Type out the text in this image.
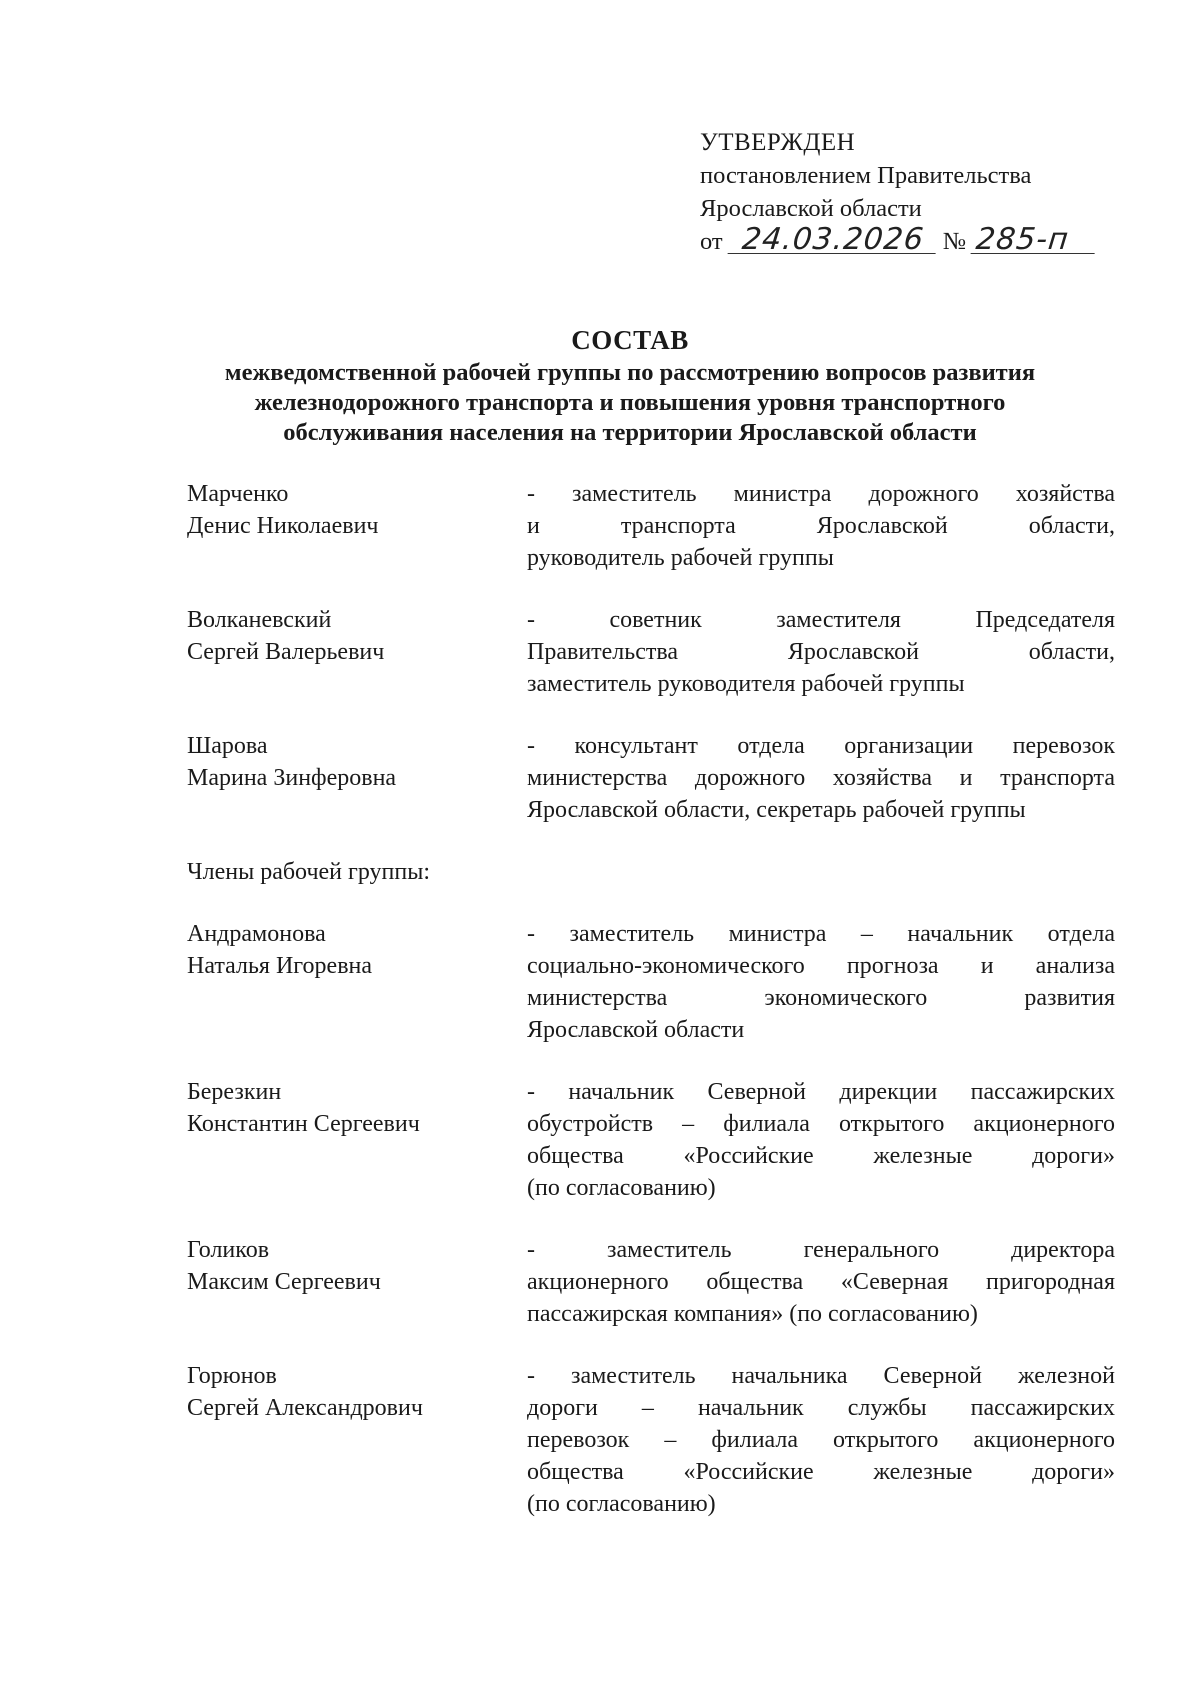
УТВЕРЖДЕН
постановлением Правительства
Ярославской области
от 24.03.2026 № 285-п
СОСТАВ
межведомственной рабочей группы по рассмотрению вопросов развития
железнодорожного транспорта и повышения уровня транспортного
обслуживания населения на территории Ярославской области
Марченко
Денис Николаевич
- заместитель министра дорожного хозяйства
и транспорта Ярославской области,
руководитель рабочей группы
Волканевский
Сергей Валерьевич
- советник заместителя Председателя
Правительства Ярославской области,
заместитель руководителя рабочей группы
Шарова
Марина Зинферовна
- консультант отдела организации перевозок
министерства дорожного хозяйства и транспорта
Ярославской области, секретарь рабочей группы
Члены рабочей группы:
Андрамонова
Наталья Игоревна
- заместитель министра – начальник отдела
социально-экономического прогноза и анализа
министерства экономического развития
Ярославской области
Березкин
Константин Сергеевич
- начальник Северной дирекции пассажирских
обустройств – филиала открытого акционерного
общества «Российские железные дороги»
(по согласованию)
Голиков
Максим Сергеевич
- заместитель генерального директора
акционерного общества «Северная пригородная
пассажирская компания» (по согласованию)
Горюнов
Сергей Александрович
- заместитель начальника Северной железной
дороги – начальник службы пассажирских
перевозок – филиала открытого акционерного
общества «Российские железные дороги»
(по согласованию)
